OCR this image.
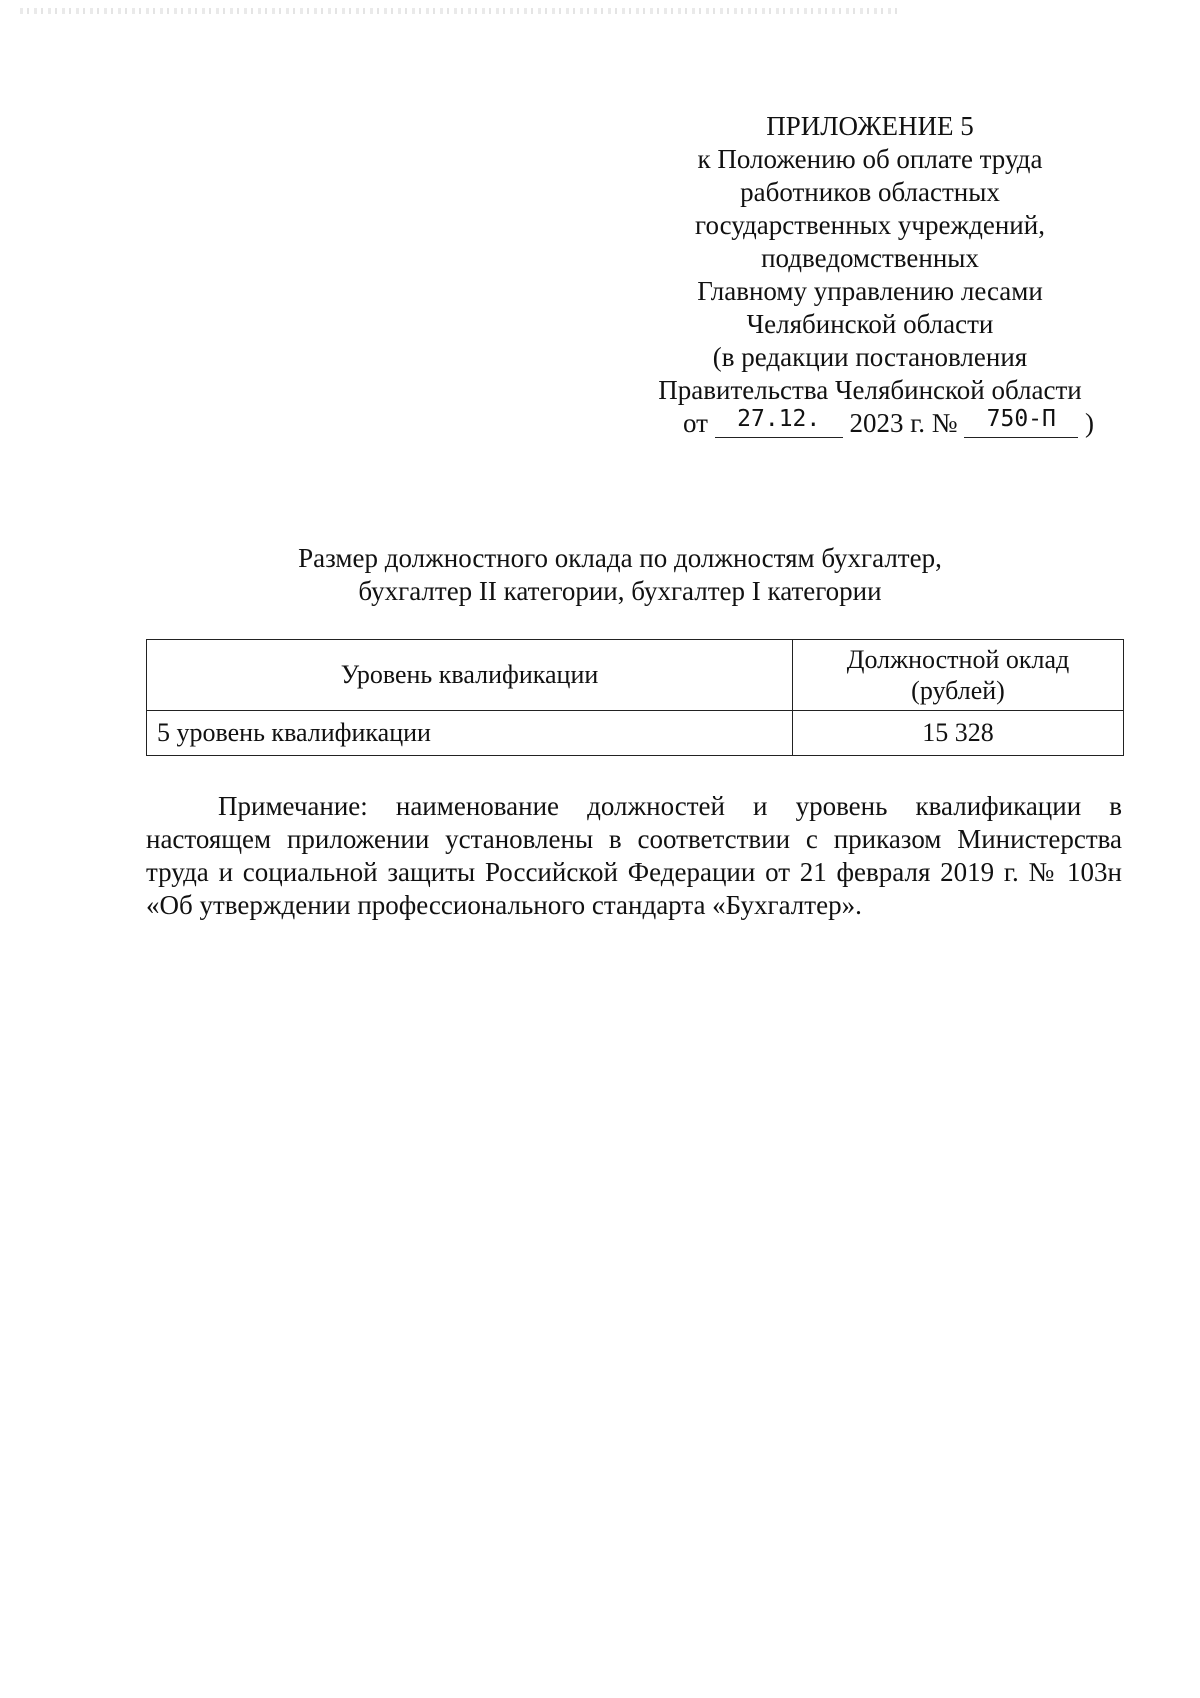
ПРИЛОЖЕНИЕ 5
к Положению об оплате труда
работников областных
государственных учреждений,
подведомственных
Главному управлению лесами
Челябинской области
(в редакции постановления
Правительства Челябинской области
от 27.12. 2023 г. № 750-П )
Размер должностного оклада по должностям бухгалтер,
бухгалтер II категории, бухгалтер I категории
Уровень квалификации	Должностной оклад
(рублей)
5 уровень квалификации	15 328
Примечание: наименование должностей и уровень квалификации в настоящем приложении установлены в соответствии с приказом Министерства труда и социальной защиты Российской Федерации от 21 февраля 2019 г. № 103н «Об утверждении профессионального стандарта «Бухгалтер».
